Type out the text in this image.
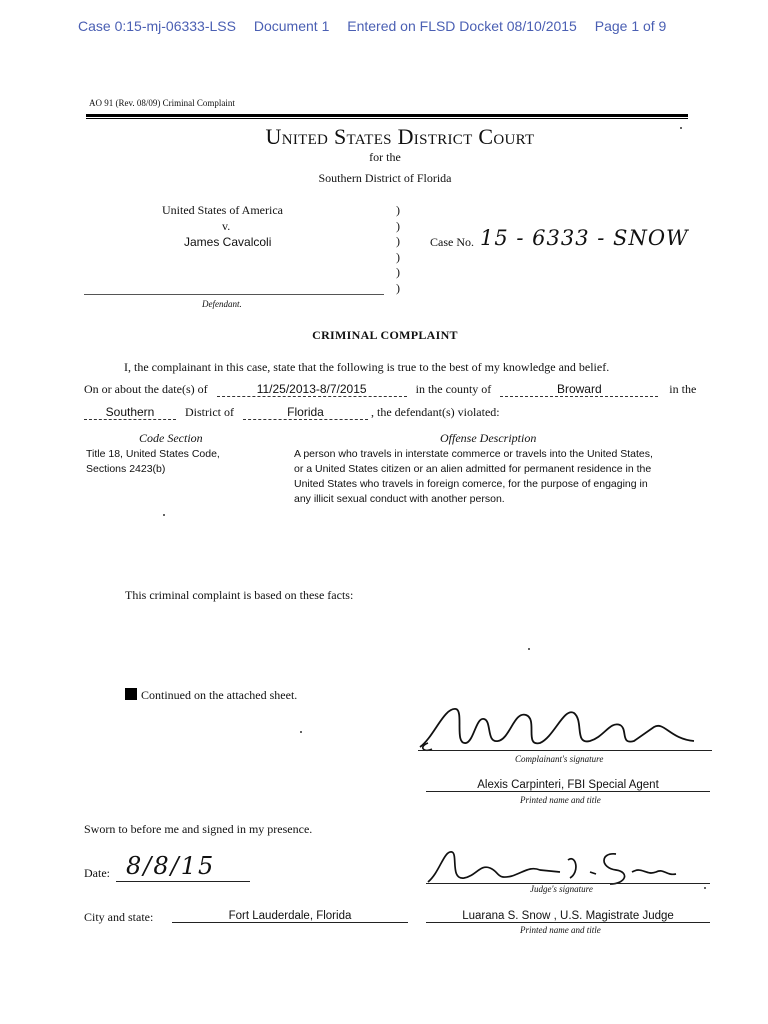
Case 0:15-mj-06333-LSS Document 1 Entered on FLSD Docket 08/10/2015 Page 1 of 9
AO 91 (Rev. 08/09) Criminal Complaint
United States District Court
for the
Southern District of Florida
United States of America
v.
James Cavalcoli
)
)
)
)
)
)
Case No. 15 - 6333 - SNOW
Defendant.
CRIMINAL COMPLAINT
I, the complainant in this case, state that the following is true to the best of my knowledge and belief.
On or about the date(s) of	11/25/2013-8/7/2015	in the county of	Broward	in the
Southern	District of	Florida	, the defendant(s) violated:
Code Section	Offense Description
Title 18, United States Code,
Sections 2423(b)
A person who travels in interstate commerce or travels into the United States,
or a United States citizen or an alien admitted for permanent residence in the
United States who travels in foreign comerce, for the purpose of engaging in
any illicit sexual conduct with another person.
This criminal complaint is based on these facts:
Continued on the attached sheet.
Complainant's signature
Alexis Carpinteri, FBI Special Agent
Printed name and title
Sworn to before me and signed in my presence.
Date: 8/8/15
Judge's signature
City and state:	Fort Lauderdale, Florida	Luarana S. Snow , U.S. Magistrate Judge
Printed name and title
